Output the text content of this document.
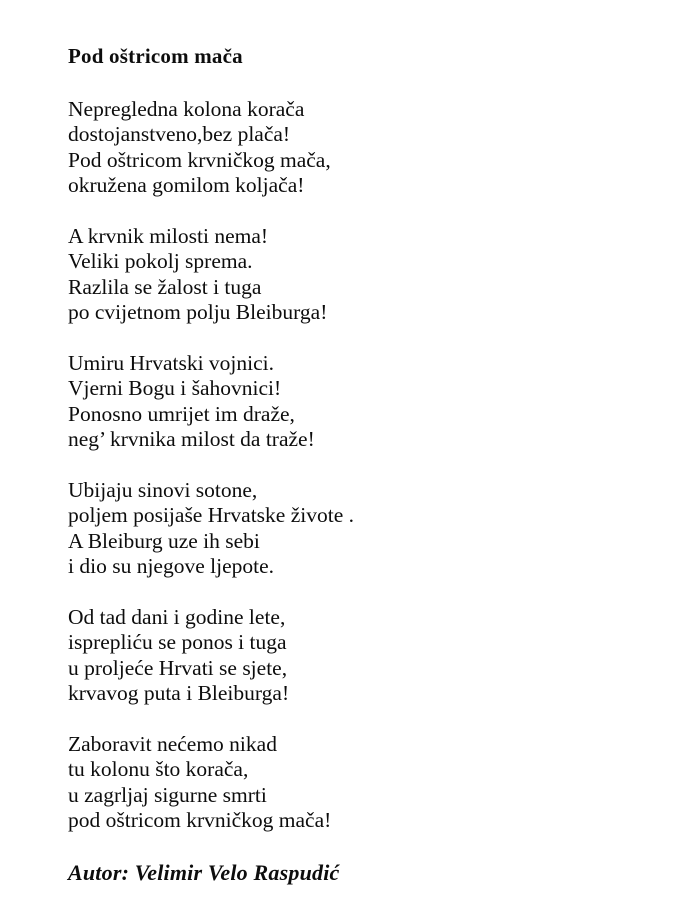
Pod oštricom mača
Nepregledna kolona korača
dostojanstveno,bez plača!
Pod oštricom krvničkog mača,
okružena gomilom koljača!
A krvnik milosti nema!
Veliki pokolj sprema.
Razlila se žalost i tuga
po cvijetnom polju Bleiburga!
Umiru Hrvatski vojnici.
Vjerni Bogu i šahovnici!
Ponosno umrijet im draže,
neg’ krvnika milost da traže!
Ubijaju sinovi sotone,
poljem posijaše Hrvatske živote .
A Bleiburg uze ih sebi
i dio su njegove ljepote.
Od tad dani i godine lete,
isprepliću se ponos i tuga
u proljeće Hrvati se sjete,
krvavog puta i Bleiburga!
Zaboravit nećemo nikad
tu kolonu što korača,
u zagrljaj sigurne smrti
pod oštricom krvničkog mača!
Autor: Velimir Velo Raspudić
